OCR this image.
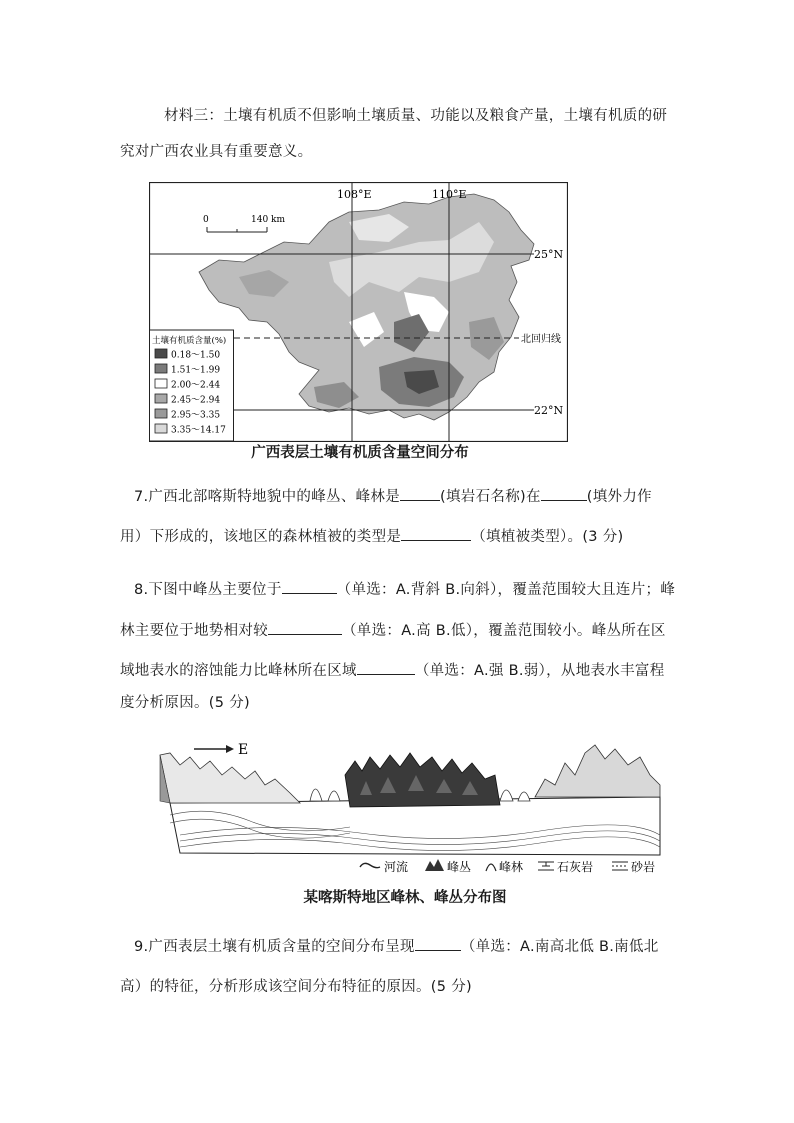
材料三：土壤有机质不但影响土壤质量、功能以及粮食产量，土壤有机质的研
究对广西农业具有重要意义。
108°E	110°E
25°N
22°N
北回归线
0	140 km
土壤有机质含量(%)
0.18～1.50
1.51～1.99
2.00～2.44
2.45～2.94
2.95～3.35
3.35～14.17
广西表层土壤有机质含量空间分布
7.广西北部喀斯特地貌中的峰丛、峰林是	(填岩石名称)在	(填外力作
用）下形成的，该地区的森林植被的类型是	（填植被类型）。(3 分)
8.下图中峰丛主要位于	（单选：A.背斜 B.向斜），覆盖范围较大且连片；峰
林主要位于地势相对较	（单选：A.高 B.低），覆盖范围较小。峰丛所在区
域地表水的溶蚀能力比峰林所在区域	（单选：A.强 B.弱），从地表水丰富程
度分析原因。(5 分)
E
河流	峰丛 峰林	石灰岩	砂岩
某喀斯特地区峰林、峰丛分布图
9.广西表层土壤有机质含量的空间分布呈现	（单选：A.南高北低 B.南低北
高）的特征，分析形成该空间分布特征的原因。(5 分)
